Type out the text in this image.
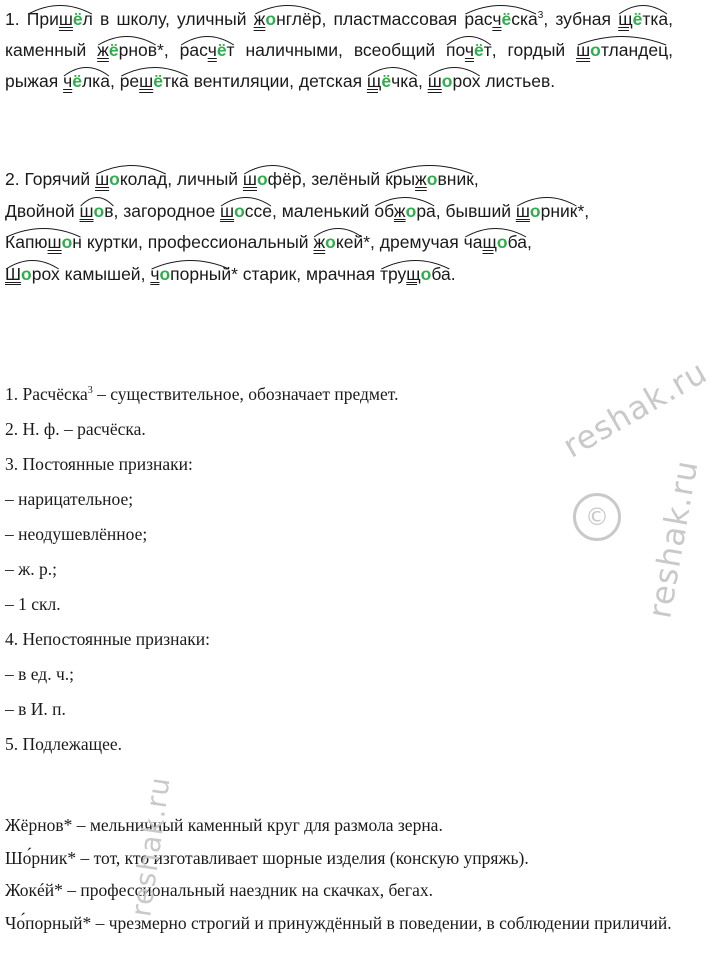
1. Пришёл
в школу, уличный жонглёр
, пластмассовая расчёска
$^3$, зубная щётка
, каменный жёрнов
*, расчёт
наличными, всеобщий почёт
, гордый шотландец
, рыжая чёлка
, решётка
вентиляции, детская щёчка
, шорох
листьев.

2. Горячий шоколад
, личный шофёр
, зелёный крыжовник
,

Двойной шов
, загородное шоссе
, маленький обжора
, бывший шорник
*,

Капюшон
куртки, профессиональный жокей
*, дремучая чащоба
,

Шорох
камышей, чопорный
* старик, мрачная трущоба
.

1. Расчёска$^3$ – существительное, обозначает предмет.
2. Н. ф. – расчёска.
3. Постоянные признаки:
– нарицательное;
– неодушевлённое;
– ж. р.;
– 1 скл.
4. Непостоянные признаки:
– в ед. ч.;
– в И. п.
5. Подлежащее.

Жёрнов* – мельничный каменный круг для размола зерна.

Шо́рник* – тот, кто изготавливает шорные изделия (конскую упряжь).

Жокéй* – профессиональный наездник на скачках, бегах.

Чо́порный* – чрезмерно строгий и принуждённый в поведении, в соблюдении приличий.

reshak.ru
reshak.ru
©
reshak.ru
